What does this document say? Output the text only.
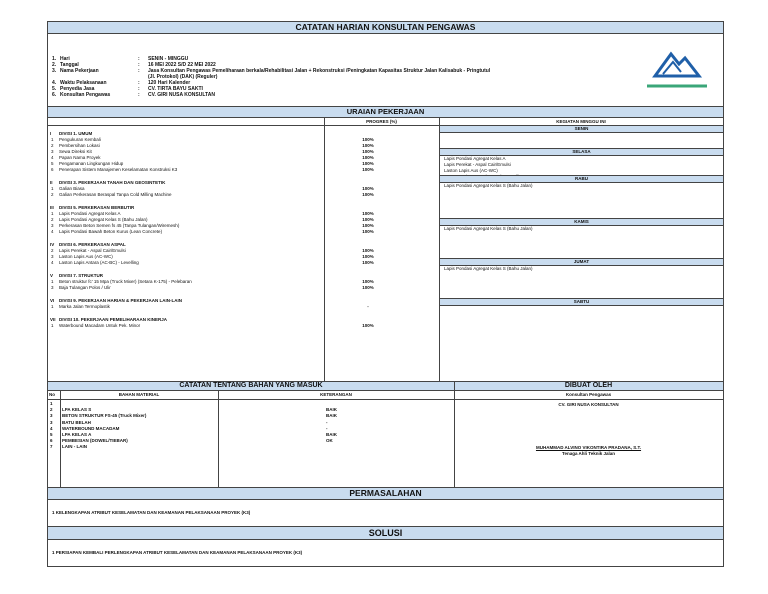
CATATAN HARIAN KONSULTAN PENGAWAS
1. Hari	: SENIN - MINGGU
2. Tanggal	: 16 MEI 2022 S/D 22 MEI 2022
3. Nama Pekerjaan	: Jasa Konsultan Pengawas Pemeliharaan berkala/Rehabilitasi Jalan + Rekonstruksi /Peningkatan Kapasitas Struktur Jalan Kalisabuk - Pringtutul
(Jl. Protokol) (DAK) (Reguler)
4. Waktu Pelaksanaan	: 120 Hari Kalender
5. Penyedia Jasa	: CV. TIRTA BAYU SAKTI
6. Konsultan Pengawas	: CV. GIRI NUSA KONSULTAN
URAIAN PEKERJAAN
PROGRES (%)	KEGIATAN MINGGU INI
I DIVISI 1. UMUM
1 Pengukuran Kembali	100%
2 Pembersihan Lokasi	100%
3 Sewa Direksi Kit	100%
4 Papan Nama Proyek	100%
5 Pengamanan Lingkungan Hidup	100%
6 Penerapan Sistem Manajemen Keselamatan Konstruksi K3	100%
II DIVISI 3. PEKERJAAN TANAH DAN GEOSINTETIK
1 Galian Biasa	100%
2 Galian Perkerasan Beraspal Tanpa Cold Milling Machine	100%
III DIVISI 5. PERKERASAN BERBUTIR
1 Lapis Pondasi Agregat Kelas A	100%
2 Lapis Pondasi Agregat Kelas S (Bahu Jalan)	100%
3 Perkerasan Beton Semen fs 45 (Tanpa Tulangan/Wiremesh)	100%
4 Lapis Pondasi Bawah Beton Kurus (Lean Concrete)	100%
IV DIVISI 6. PERKERASAN ASPAL
2 Lapis Perekat - Aspal Cair/Emulsi	100%
3 Laston Lapis Aus (AC-WC)	100%
4 Laston Lapis Antara (AC-BC) - Levelling	100%
V DIVISI 7. STRUKTUR
1 Beton struktur fc' 15 Mpa (Truck Mixer) (Setara K-175) - Pelebaran	100%
3 Baja Tulangan Polos / Ulir	100%
VI DIVISI 9. PEKERJAAN HARIAN & PEKERJAAN LAIN-LAIN
1 Marka Jalan Termoplastik	-
VII DIVISI 10. PEKERJAAN PEMELIHARAAN KINERJA
1 Waterbound Macadam Untuk Pek. Minor	100%
SENIN
SELASA
Lapis Pondasi Agregat Kelas A
Lapis Perekat - Aspal Cair/Emulsi
Laston Lapis Aus (AC-WC)
RABU
Lapis Pondasi Agregat Kelas S (Bahu Jalan)
KAMIS
Lapis Pondasi Agregat Kelas S (Bahu Jalan)
JUMAT
Lapis Pondasi Agregat Kelas S (Bahu Jalan)
SABTU
CATATAN TENTANG BAHAN YANG MASUK	DIBUAT OLEH
No	BAHAN MATERIAL	KETERANGAN	Konsultan Pengawas
CV. GIRI NUSA KONSULTAN
MUHAMMAD ALVINO VIKONTIRA PRADANA, S.T.
Tenaga Ahli Teknik Jalan
1
2 LPA KELAS S	BAIK
3 BETON STRUKTUR FS-45 (Truck Mixer)	BAIK
3 BATU BELAH	-
4 WATERBOUND MACADAM	-
5 LPA KELAS A	BAIK
6 PEMBESIAN (DOWEL/TIEBAR)	OK
7 LAIN - LAIN
PERMASALAHAN
1 KELENGKAPAN ATRIBUT KESELAMATAN DAN KEAMANAN PELAKSANAAN PROYEK (K3)
SOLUSI
1 PERSIAPAN KEMBALI PERLENGKAPAN ATRIBUT KESELAMATAN DAN KEAMANAN PELAKSANAAN PROYEK (K3)
